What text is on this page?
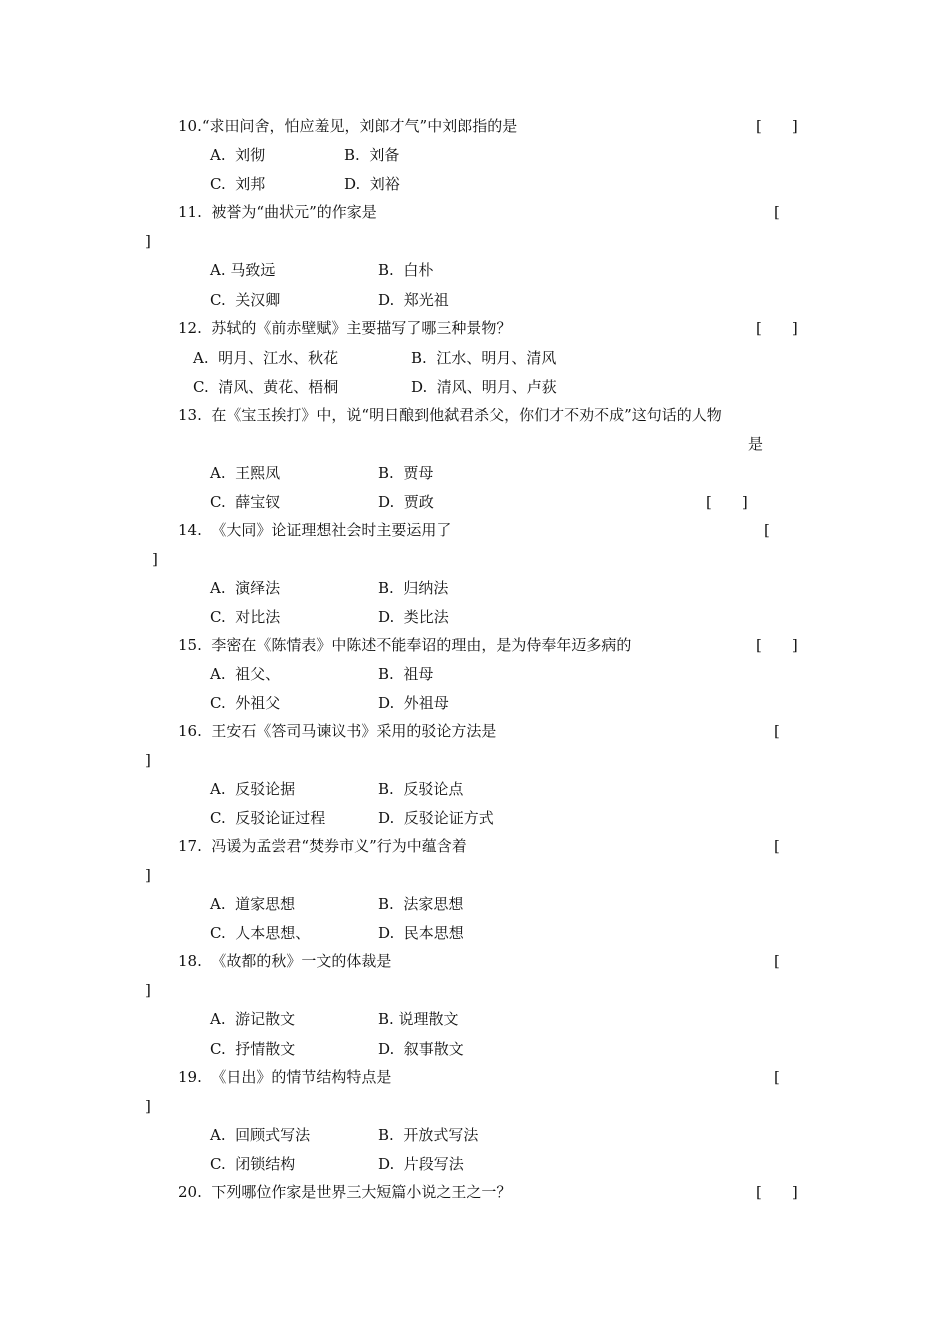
10.“求田问舍，怕应羞见，刘郎才气”中刘郎指的是	[　　]
A.  刘彻	B.  刘备
C.  刘邦	D.  刘裕
11. 被誉为“曲状元”的作家是	[
]
A. 马致远	B.  白朴
C.  关汉卿	D.  郑光祖
12. 苏轼的《前赤壁赋》主要描写了哪三种景物？	[　　]
A.  明月、江水、秋花	B.  江水、明月、清风
C.  清风、黄花、梧桐	D.  清风、明月、卢荻
13. 在《宝玉挨打》中，说“明日酿到他弑君杀父，你们才不劝不成”这句话的人物
是
A.  王熙凤	B.  贾母
C.  薛宝钗	D.  贾政	[　　]
14. 《大同》论证理想社会时主要运用了	[
]
A.  演绎法	B.  归纳法
C.  对比法	D.  类比法
15. 李密在《陈情表》中陈述不能奉诏的理由，是为侍奉年迈多病的	[　　]
A.  祖父、	B.  祖母
C.  外祖父	D.  外祖母
16. 王安石《答司马谏议书》采用的驳论方法是	[
]
A.  反驳论据	B.  反驳论点
C.  反驳论证过程	D.  反驳论证方式
17. 冯谖为孟尝君“焚券市义”行为中蕴含着	[
]
A.  道家思想	B.  法家思想
C.  人本思想、	D.  民本思想
18. 《故都的秋》一文的体裁是	[
]
A.  游记散文	B. 说理散文
C.  抒情散文	D.  叙事散文
19. 《日出》的情节结构特点是	[
]
A.  回顾式写法	B.  开放式写法
C.  闭锁结构	D.  片段写法
20. 下列哪位作家是世界三大短篇小说之王之一？	[　　]
